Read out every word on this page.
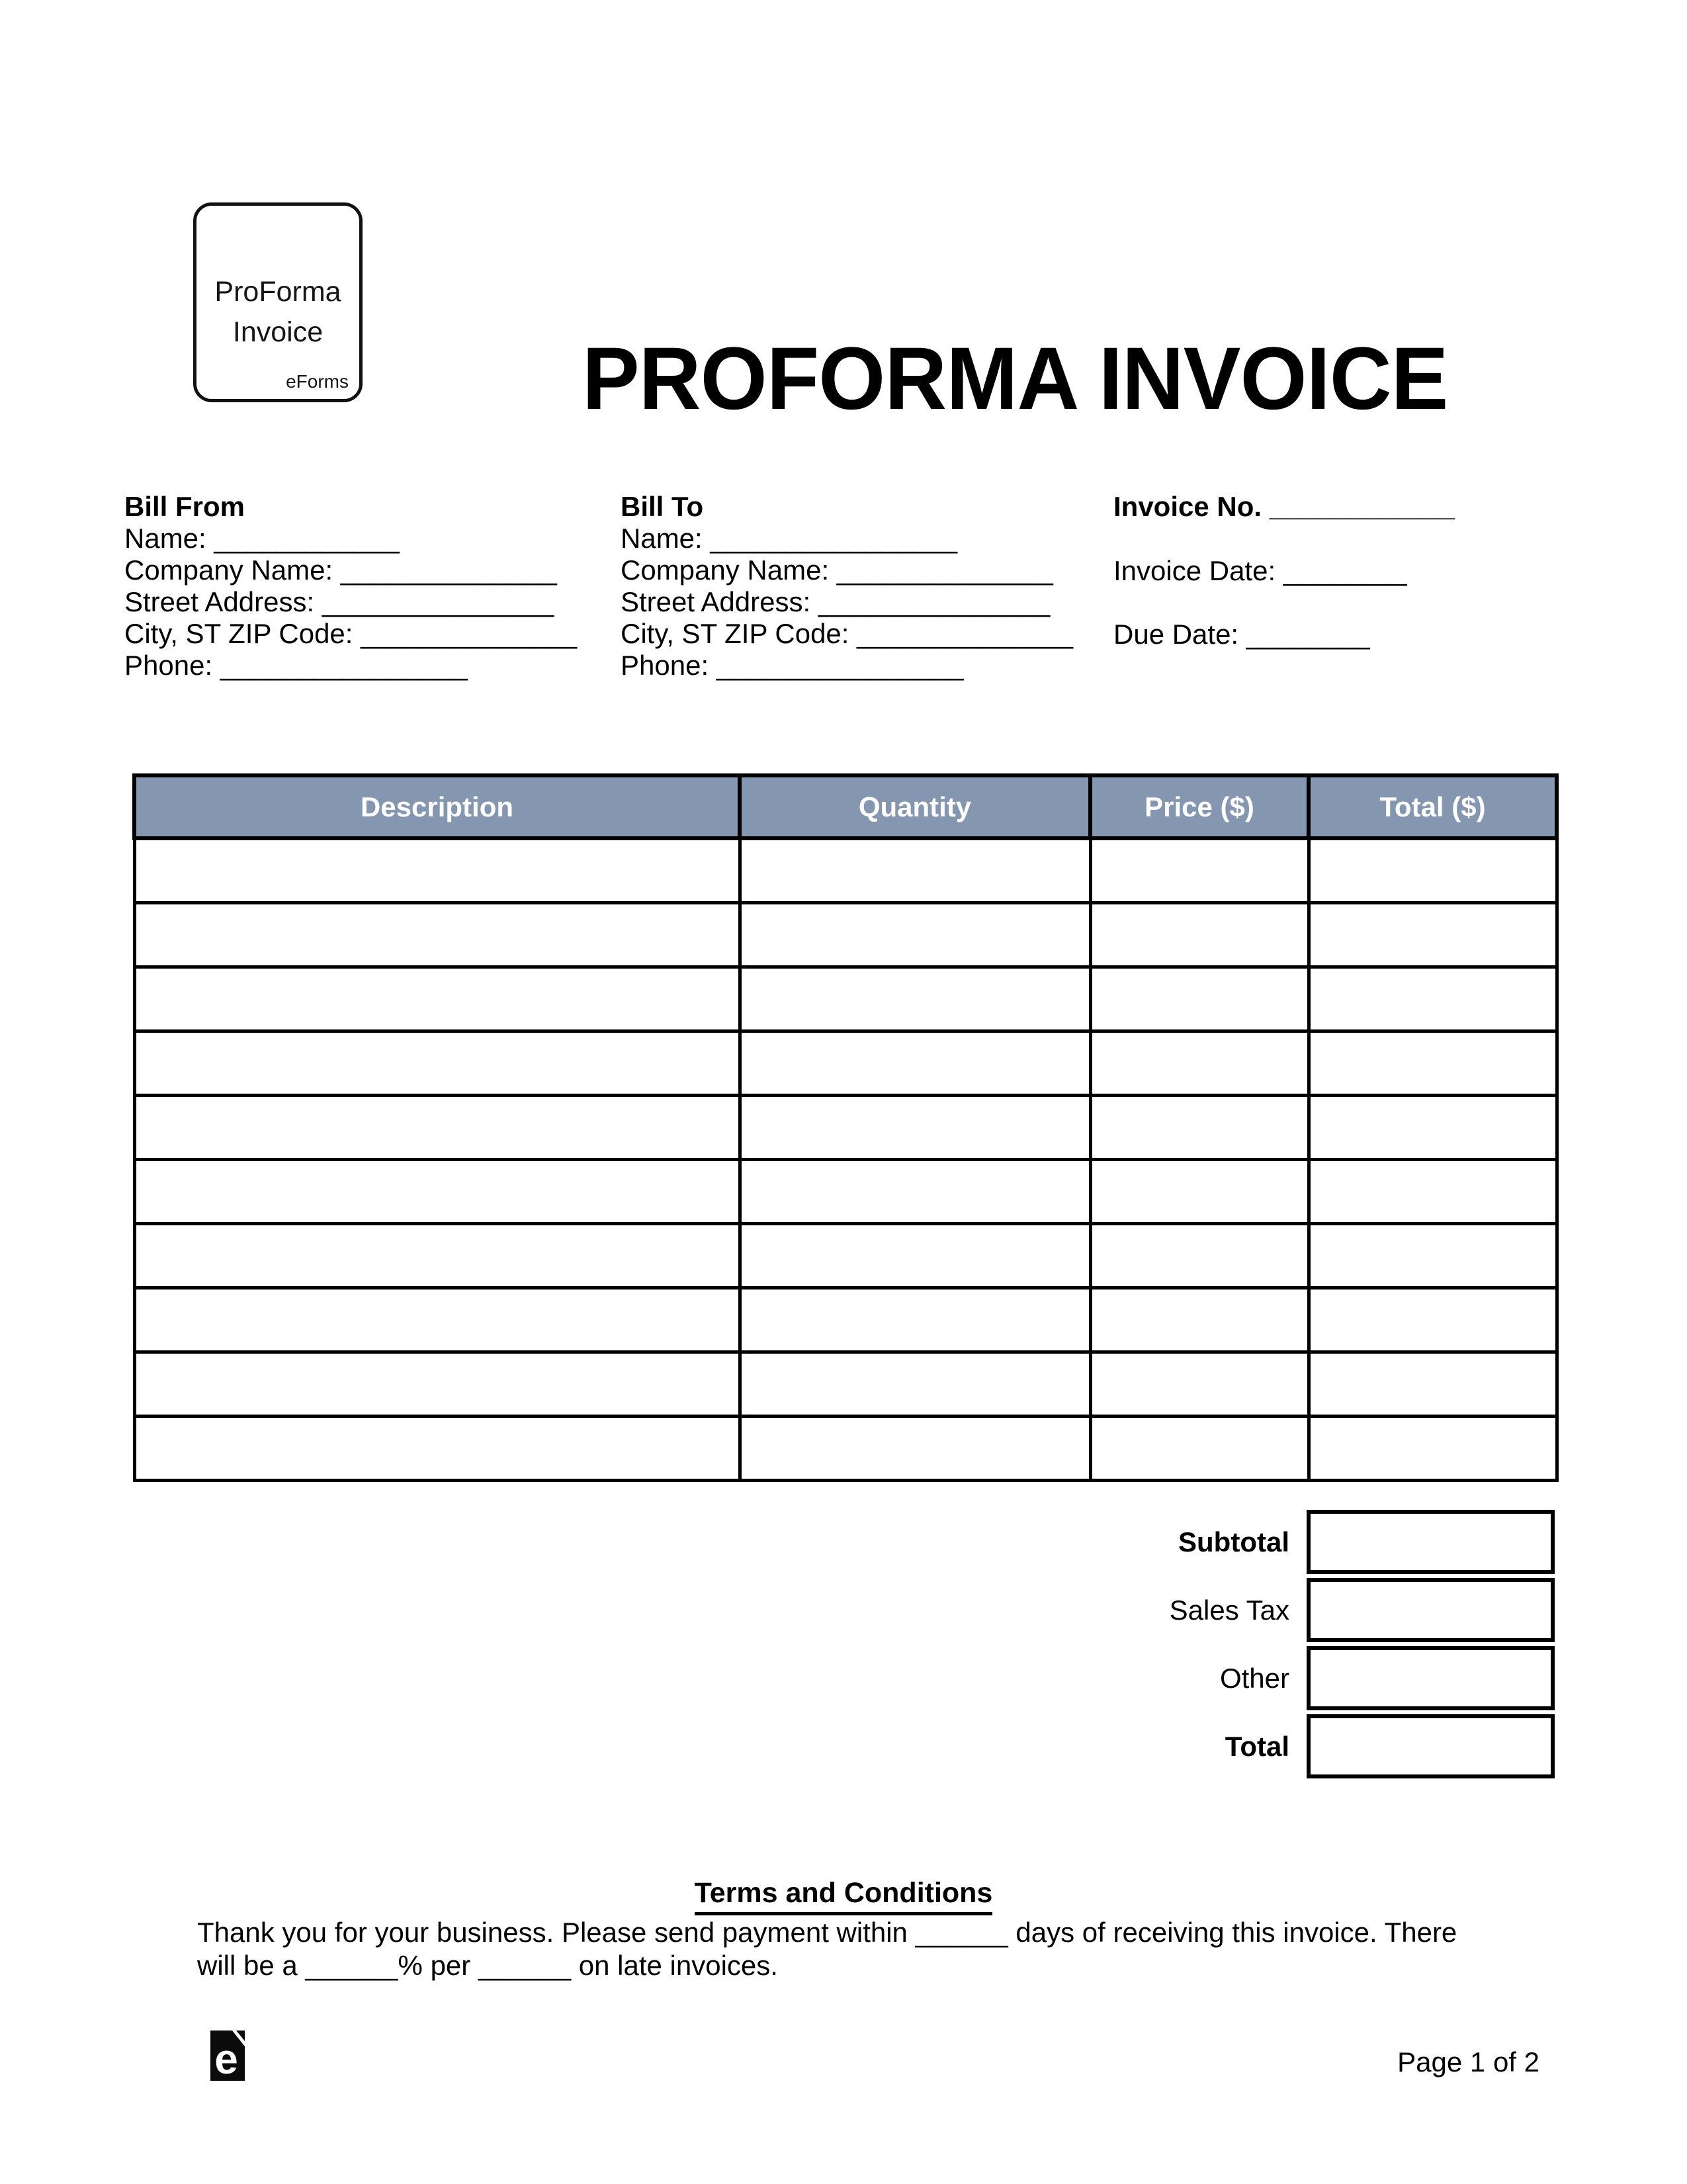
ProForma
Invoice
eForms	PROFORMA INVOICE
Bill From
Name: ____________
Company Name: ______________
Street Address: _______________
City, ST ZIP Code: ______________
Phone: ________________
Bill To
Name: ________________
Company Name: ______________
Street Address: _______________
City, ST ZIP Code: ______________
Phone: ________________
Invoice No. ____________
Invoice Date: ________
Due Date: ________
Description	Quantity	Price ($)	Total ($)

Subtotal
Sales Tax
Other
Total
Terms and Conditions
Thank you for your business. Please send payment within ______ days of receiving this invoice. There
will be a ______% per ______ on late invoices.
e	Page 1 of 2
